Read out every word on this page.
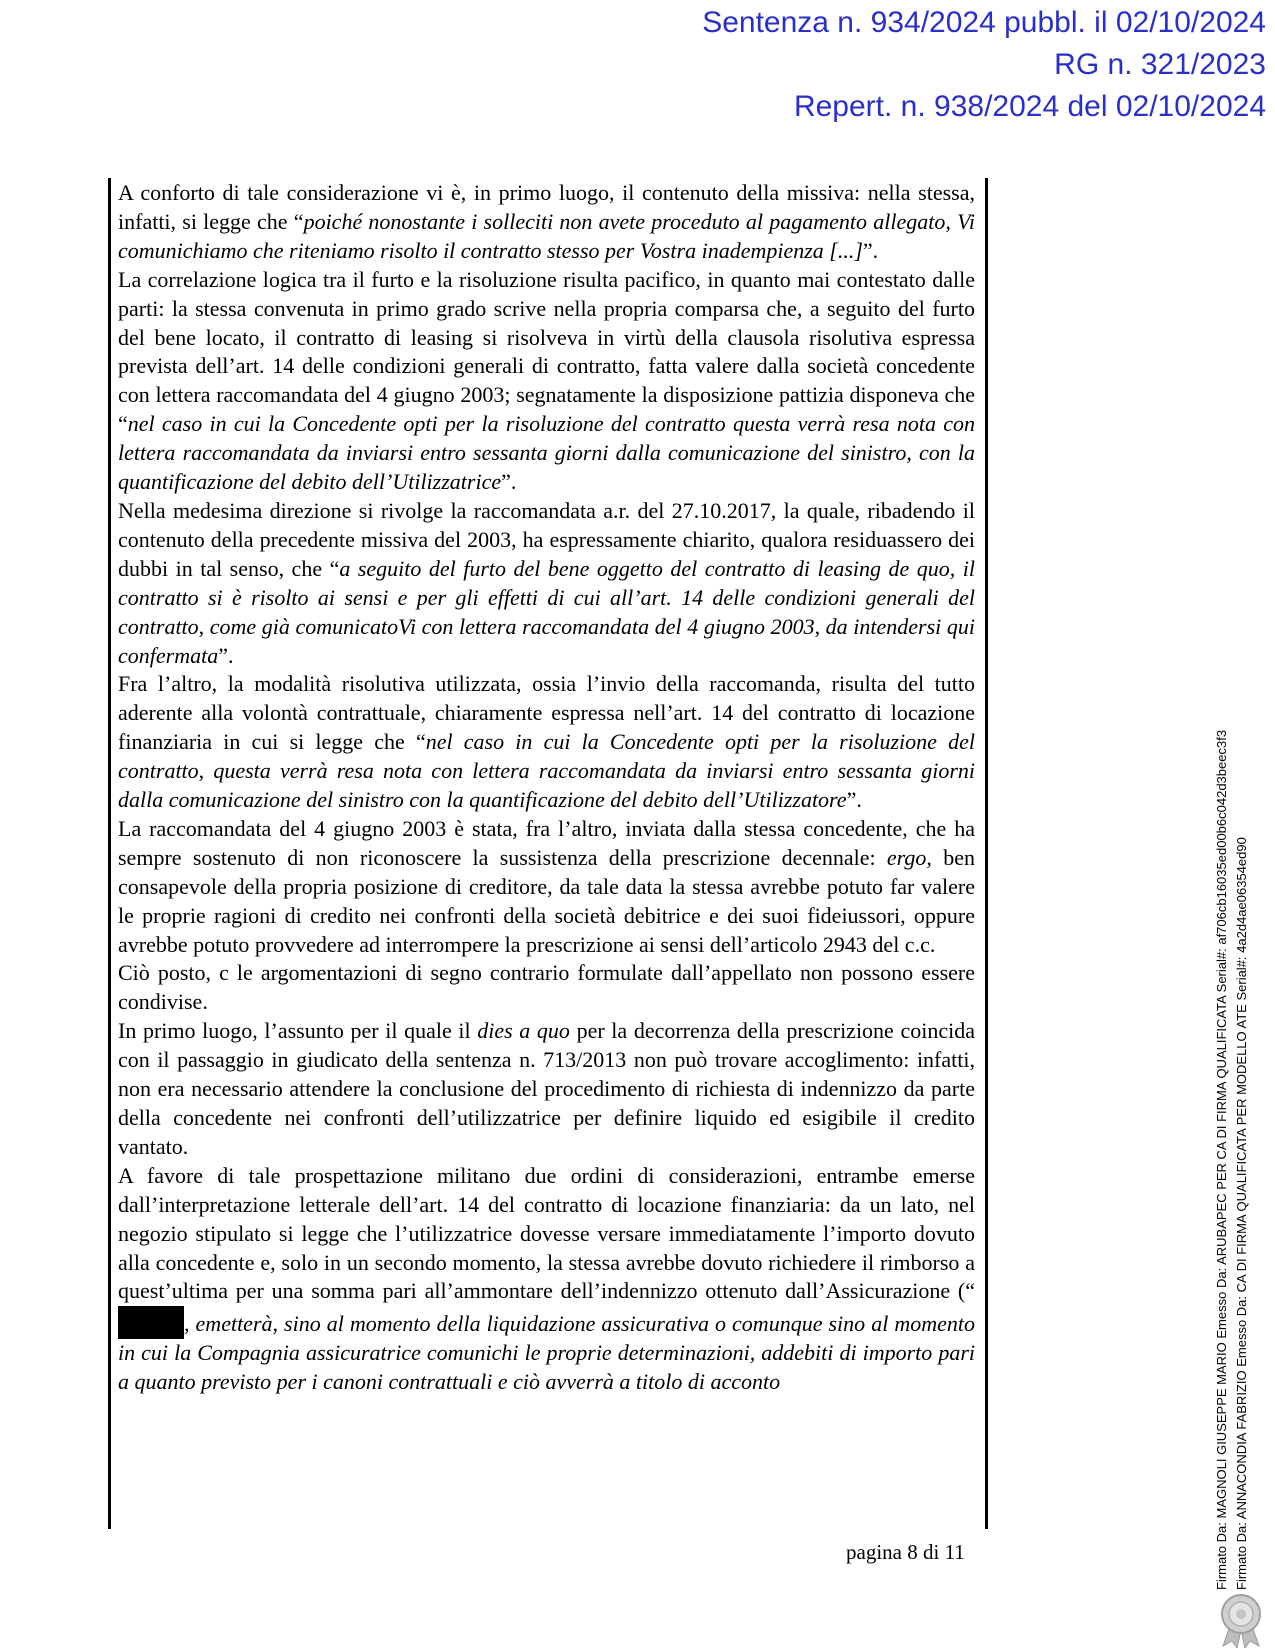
Sentenza n. 934/2024 pubbl. il 02/10/2024
RG n. 321/2023
Repert. n. 938/2024 del 02/10/2024

A conforto di tale considerazione vi è, in primo luogo, il contenuto della missiva: nella stessa, infatti, si legge che “poiché nonostante i solleciti non avete proceduto al pagamento allegato, Vi comunichiamo che riteniamo risolto il contratto stesso per Vostra inadempienza [...]”.

La correlazione logica tra il furto e la risoluzione risulta pacifico, in quanto mai contestato dalle parti: la stessa convenuta in primo grado scrive nella propria comparsa che, a seguito del furto del bene locato, il contratto di leasing si risolveva in virtù della clausola risolutiva espressa prevista dell’art. 14 delle condizioni generali di contratto, fatta valere dalla società concedente con lettera raccomandata del 4 giugno 2003; segnatamente la disposizione pattizia disponeva che “nel caso in cui la Concedente opti per la risoluzione del contratto questa verrà resa nota con lettera raccomandata da inviarsi entro sessanta giorni dalla comunicazione del sinistro, con la quantificazione del debito dell’Utilizzatrice”.

Nella medesima direzione si rivolge la raccomandata a.r. del 27.10.2017, la quale, ribadendo il contenuto della precedente missiva del 2003, ha espressamente chiarito, qualora residuassero dei dubbi in tal senso, che “a seguito del furto del bene oggetto del contratto di leasing de quo, il contratto si è risolto ai sensi e per gli effetti di cui all’art. 14 delle condizioni generali del contratto, come già comunicatoVi con lettera raccomandata del 4 giugno 2003, da intendersi qui confermata”.

Fra l’altro, la modalità risolutiva utilizzata, ossia l’invio della raccomanda, risulta del tutto aderente alla volontà contrattuale, chiaramente espressa nell’art. 14 del contratto di locazione finanziaria in cui si legge che “nel caso in cui la Concedente opti per la risoluzione del contratto, questa verrà resa nota con lettera raccomandata da inviarsi entro sessanta giorni dalla comunicazione del sinistro con la quantificazione del debito dell’Utilizzatore”.

La raccomandata del 4 giugno 2003 è stata, fra l’altro, inviata dalla stessa concedente, che ha sempre sostenuto di non riconoscere la sussistenza della prescrizione decennale: ergo, ben consapevole della propria posizione di creditore, da tale data la stessa avrebbe potuto far valere le proprie ragioni di credito nei confronti della società debitrice e dei suoi fideiussori, oppure avrebbe potuto provvedere ad interrompere la prescrizione ai sensi dell’articolo 2943 del c.c.

Ciò posto, c le argomentazioni di segno contrario formulate dall’appellato non possono essere condivise.

In primo luogo, l’assunto per il quale il dies a quo per la decorrenza della prescrizione coincida con il passaggio in giudicato della sentenza n. 713/2013 non può trovare accoglimento: infatti, non era necessario attendere la conclusione del procedimento di richiesta di indennizzo da parte della concedente nei confronti dell’utilizzatrice per definire liquido ed esigibile il credito vantato.

A favore di tale prospettazione militano due ordini di considerazioni, entrambe emerse dall’interpretazione letterale dell’art. 14 del contratto di locazione finanziaria: da un lato, nel negozio stipulato si legge che l’utilizzatrice dovesse versare immediatamente l’importo dovuto alla concedente e, solo in un secondo momento, la stessa avrebbe dovuto richiedere il rimborso a quest’ultima per una somma pari all’ammontare dell’indennizzo ottenuto dall’Assicurazione (“, emetterà, sino al momento della liquidazione assicurativa o comunque sino al momento in cui la Compagnia assicuratrice comunichi le proprie determinazioni, addebiti di importo pari a quanto previsto per i canoni contrattuali e ciò avverrà a titolo di acconto

pagina 8 di 11	Firmato Da: MAGNOLI GIUSEPPE MARIO Emesso Da: ARUBAPEC PER CA DI FIRMA QUALIFICATA Serial#: af706cb16035ed00b6c042d3beec3f3 Firmato Da: ANNACONDIA FABRIZIO Emesso Da: CA DI FIRMA QUALIFICATA PER MODELLO ATE Serial#: 4a2d4ae06354ed90
